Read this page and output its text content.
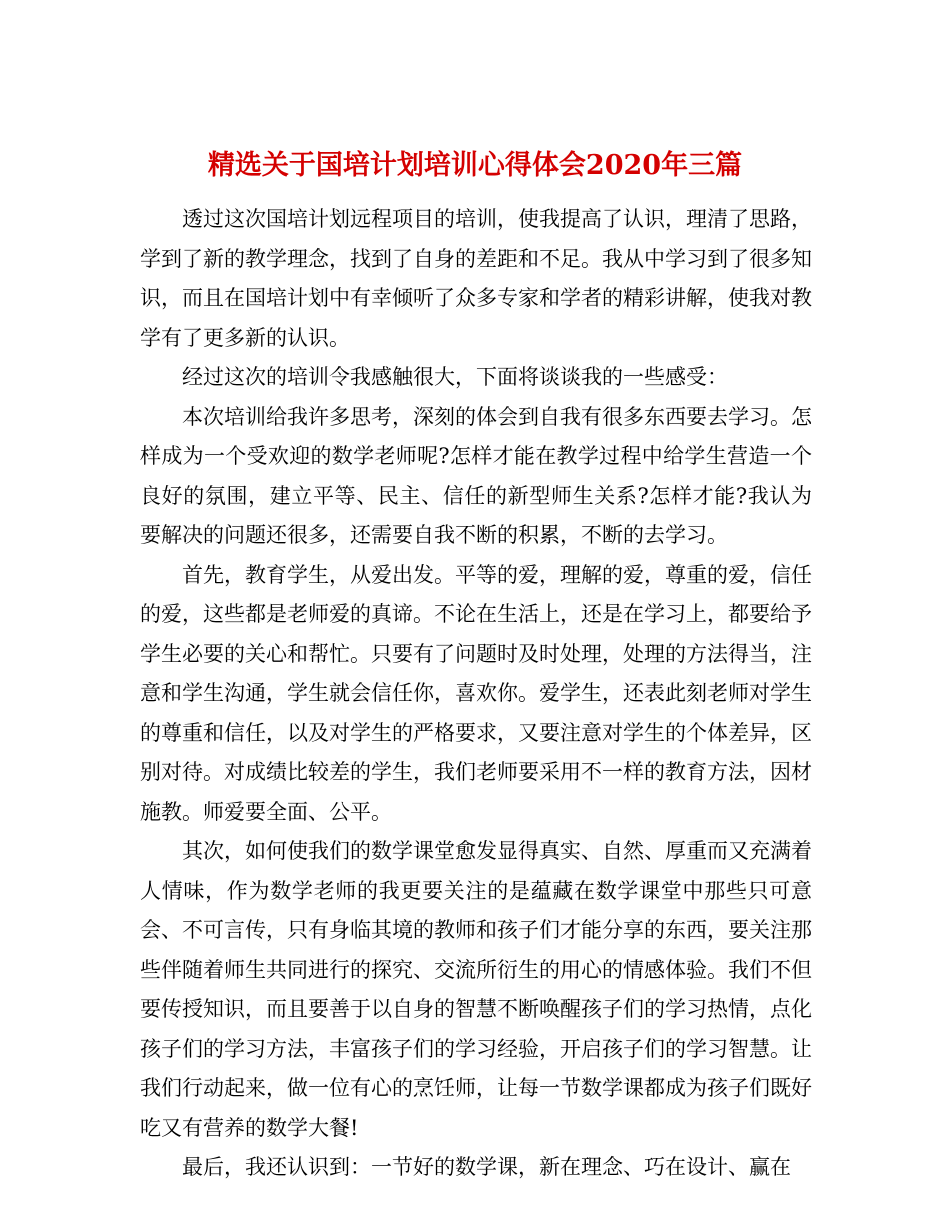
精选关于国培计划培训心得体会2020年三篇

透过这次国培计划远程项目的培训，使我提高了认识，理清了思路，学到了新的教学理念，找到了自身的差距和不足。我从中学习到了很多知识，而且在国培计划中有幸倾听了众多专家和学者的精彩讲解，使我对教学有了更多新的认识。

经过这次的培训令我感触很大，下面将谈谈我的一些感受：

本次培训给我许多思考，深刻的体会到自我有很多东西要去学习。怎样成为一个受欢迎的数学老师呢?怎样才能在教学过程中给学生营造一个良好的氛围，建立平等、民主、信任的新型师生关系?怎样才能?我认为要解决的问题还很多，还需要自我不断的积累，不断的去学习。

首先，教育学生，从爱出发。平等的爱，理解的爱，尊重的爱，信任的爱，这些都是老师爱的真谛。不论在生活上，还是在学习上，都要给予学生必要的关心和帮忙。只要有了问题时及时处理，处理的方法得当，注意和学生沟通，学生就会信任你，喜欢你。爱学生，还表此刻老师对学生的尊重和信任，以及对学生的严格要求，又要注意对学生的个体差异，区别对待。对成绩比较差的学生，我们老师要采用不一样的教育方法，因材施教。师爱要全面、公平。

其次，如何使我们的数学课堂愈发显得真实、自然、厚重而又充满着人情味，作为数学老师的我更要关注的是蕴藏在数学课堂中那些只可意会、不可言传，只有身临其境的教师和孩子们才能分享的东西，要关注那些伴随着师生共同进行的探究、交流所衍生的用心的情感体验。我们不但要传授知识，而且要善于以自身的智慧不断唤醒孩子们的学习热情，点化孩子们的学习方法，丰富孩子们的学习经验，开启孩子们的学习智慧。让我们行动起来，做一位有心的烹饪师，让每一节数学课都成为孩子们既好吃又有营养的数学大餐!

最后，我还认识到：一节好的数学课，新在理念、巧在设计、赢在
